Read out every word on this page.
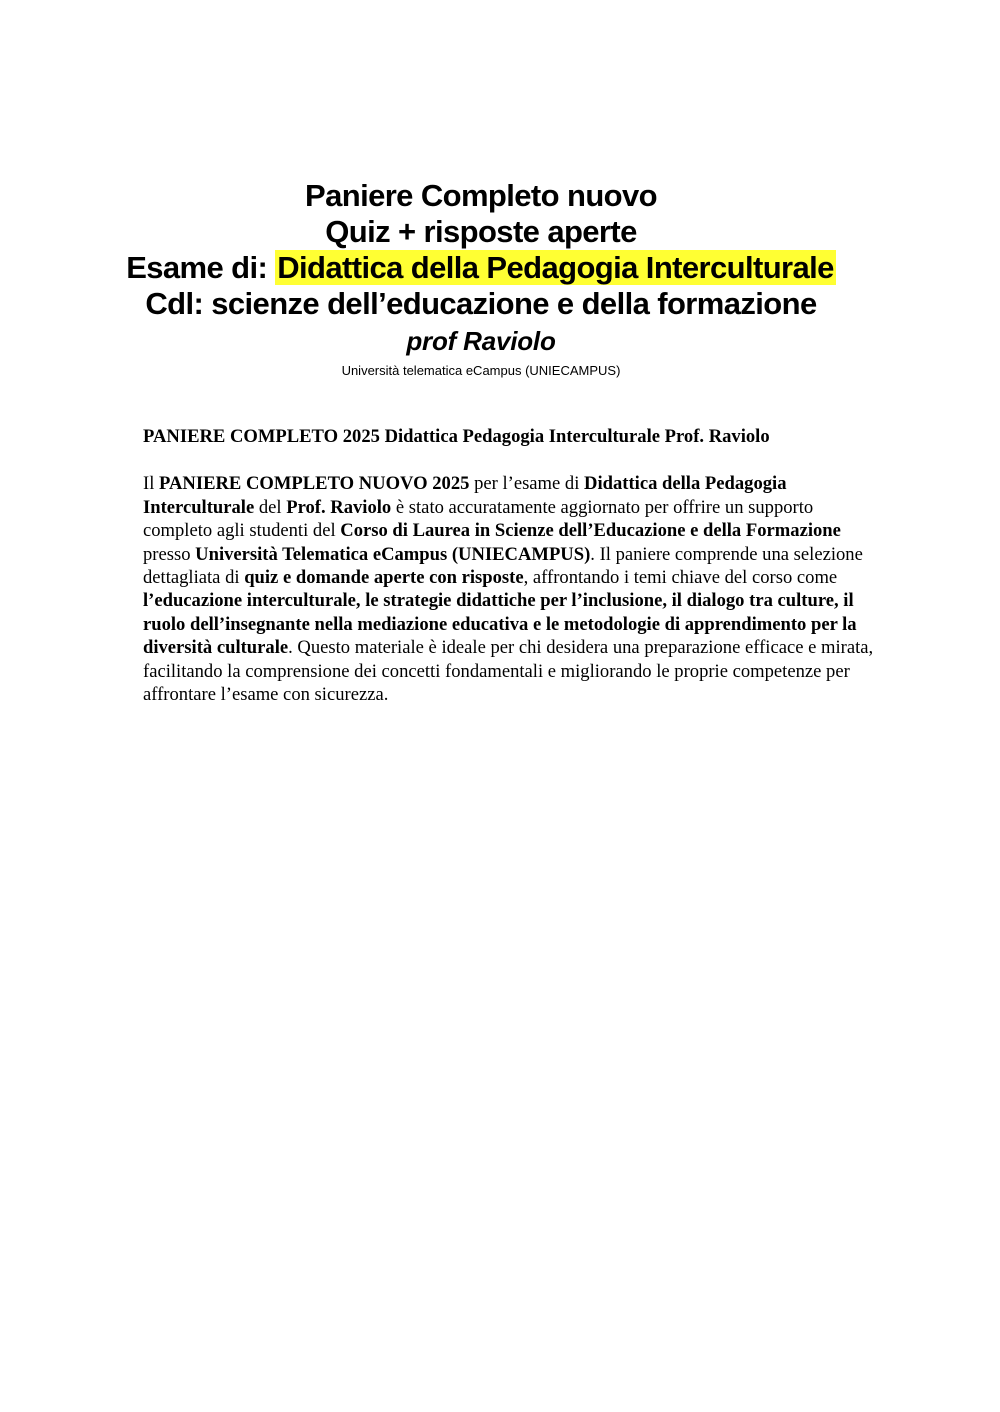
Paniere Completo nuovo
Quiz + risposte aperte
Esame di: Didattica della Pedagogia Interculturale
Cdl: scienze dell’educazione e della formazione
prof Raviolo
Università telematica eCampus (UNIECAMPUS)

PANIERE COMPLETO 2025 Didattica Pedagogia Interculturale Prof. Raviolo

Il PANIERE COMPLETO NUOVO 2025 per l’esame di Didattica della Pedagogia Interculturale del Prof. Raviolo è stato accuratamente aggiornato per offrire un supporto completo agli studenti del Corso di Laurea in Scienze dell’Educazione e della Formazione presso Università Telematica eCampus (UNIECAMPUS). Il paniere comprende una selezione dettagliata di quiz e domande aperte con risposte, affrontando i temi chiave del corso come l’educazione interculturale, le strategie didattiche per l’inclusione, il dialogo tra culture, il ruolo dell’insegnante nella mediazione educativa e le metodologie di apprendimento per la diversità culturale. Questo materiale è ideale per chi desidera una preparazione efficace e mirata, facilitando la comprensione dei concetti fondamentali e migliorando le proprie competenze per affrontare l’esame con sicurezza.
